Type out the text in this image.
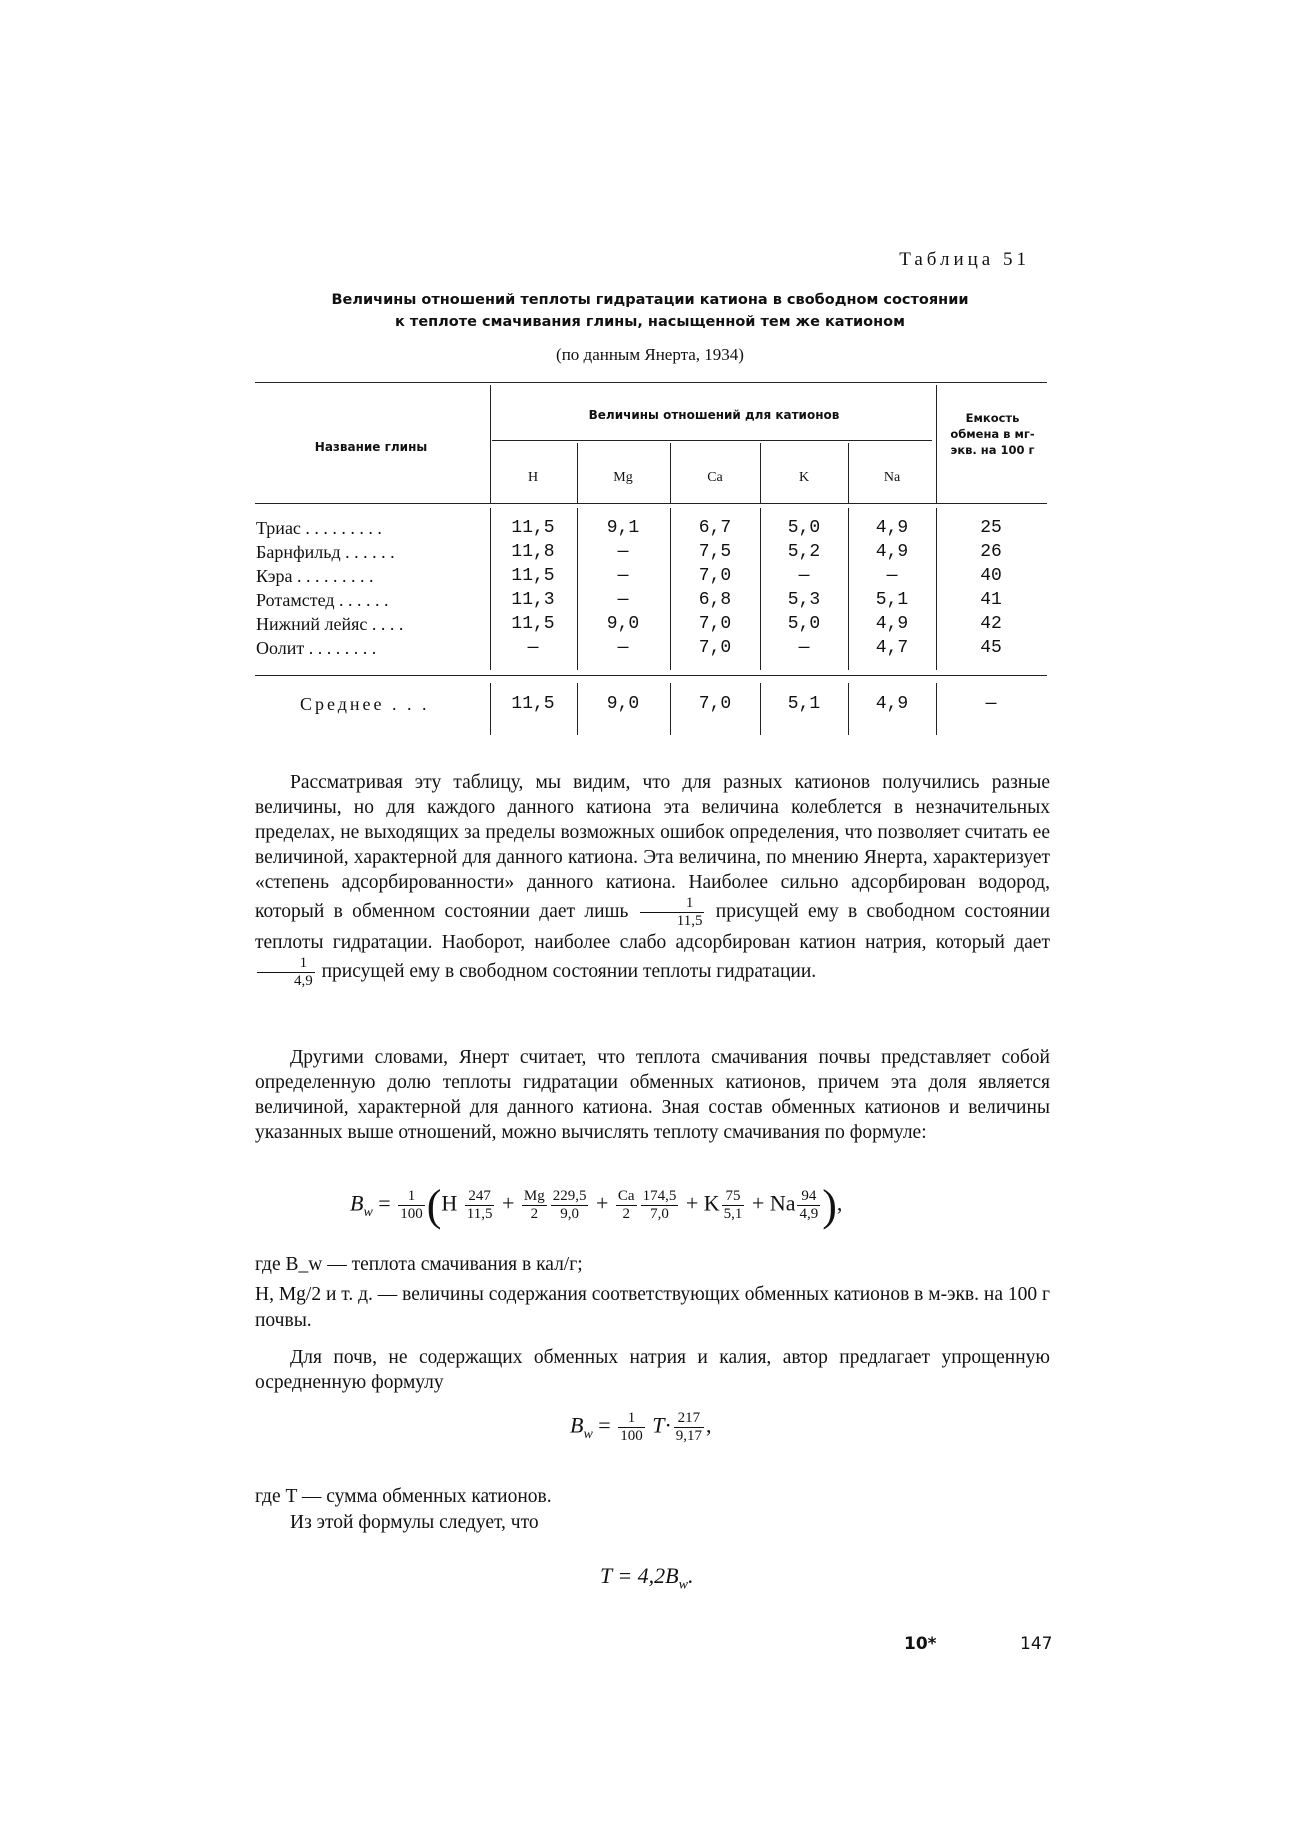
Таблица 51
Величины отношений теплоты гидратации катиона в свободном состоянии
к теплоте смачивания глины, насыщенной тем же катионом
(по данным Янерта, 1934)
Название глины
Величины отношений для катионов	Емкость обмена в мг-экв. на 100 г
H	Mg	Ca	K	Na
Триас . . . . . . . . .	11,5	9,1	6,7	5,0	4,9	25
Барнфильд . . . . . .	11,8	—	7,5	5,2	4,9	26
Кэра . . . . . . . . .	11,5	—	7,0	—	—	40
Ротамстед . . . . . .	11,3	—	6,8	5,3	5,1	41
Нижний лейяс . . . .	11,5	9,0	7,0	5,0	4,9	42
Оолит . . . . . . . .	—	—	7,0	—	4,7	45
Среднее . . .	11,5	9,0	7,0	5,1	4,9	—
Рассматривая эту таблицу, мы видим, что для разных катионов получились разные величины, но для каждого данного катиона эта величина колеблется в незначительных пределах, не выходящих за пределы возможных ошибок определения, что позволяет считать ее величиной, характерной для данного катиона. Эта величина, по мнению Янерта, характеризует «степень адсорбированности» данного катиона. Наиболее сильно адсорбирован водород, который в обменном состоянии дает лишь $\frac{1}{11,5}$ присущей ему в свободном состоянии теплоты гидратации. Наоборот, наиболее слабо адсорбирован катион натрия, который дает
$\frac{1}{4,9}$ присущей ему в свободном состоянии теплоты гидратации.
Другими словами, Янерт считает, что теплота смачивания почвы представляет собой определенную долю теплоты гидратации обменных катионов, причем эта доля является величиной, характерной для данного катиона. Зная состав обменных катионов и величины указанных выше отношений, можно вычислять теплоту смачивания по формуле:
$B_w = \frac{1}{100} (H \frac{247}{11,5} + \frac{Mg}{2} \frac{229,5}{9,0} + \frac{Ca}{2} \frac{174,5}{7,0} + K \frac{75}{5,1} + Na \frac{94}{4,9}$ ),
где B_w — теплота смачивания в кал/г;
H, Mg/2 и т. д. — величины содержания соответствующих обменных катионов в м-экв. на 100 г почвы.
Для почв, не содержащих обменных натрия и калия, автор предлагает упрощенную осредненную формулу
$B_w = \frac{1}{100} T\cdot \frac{217}{9,17}$ ,
где T — сумма обменных катионов.
Из этой формулы следует, что
$T = 4,2B_w$.
10*	147
